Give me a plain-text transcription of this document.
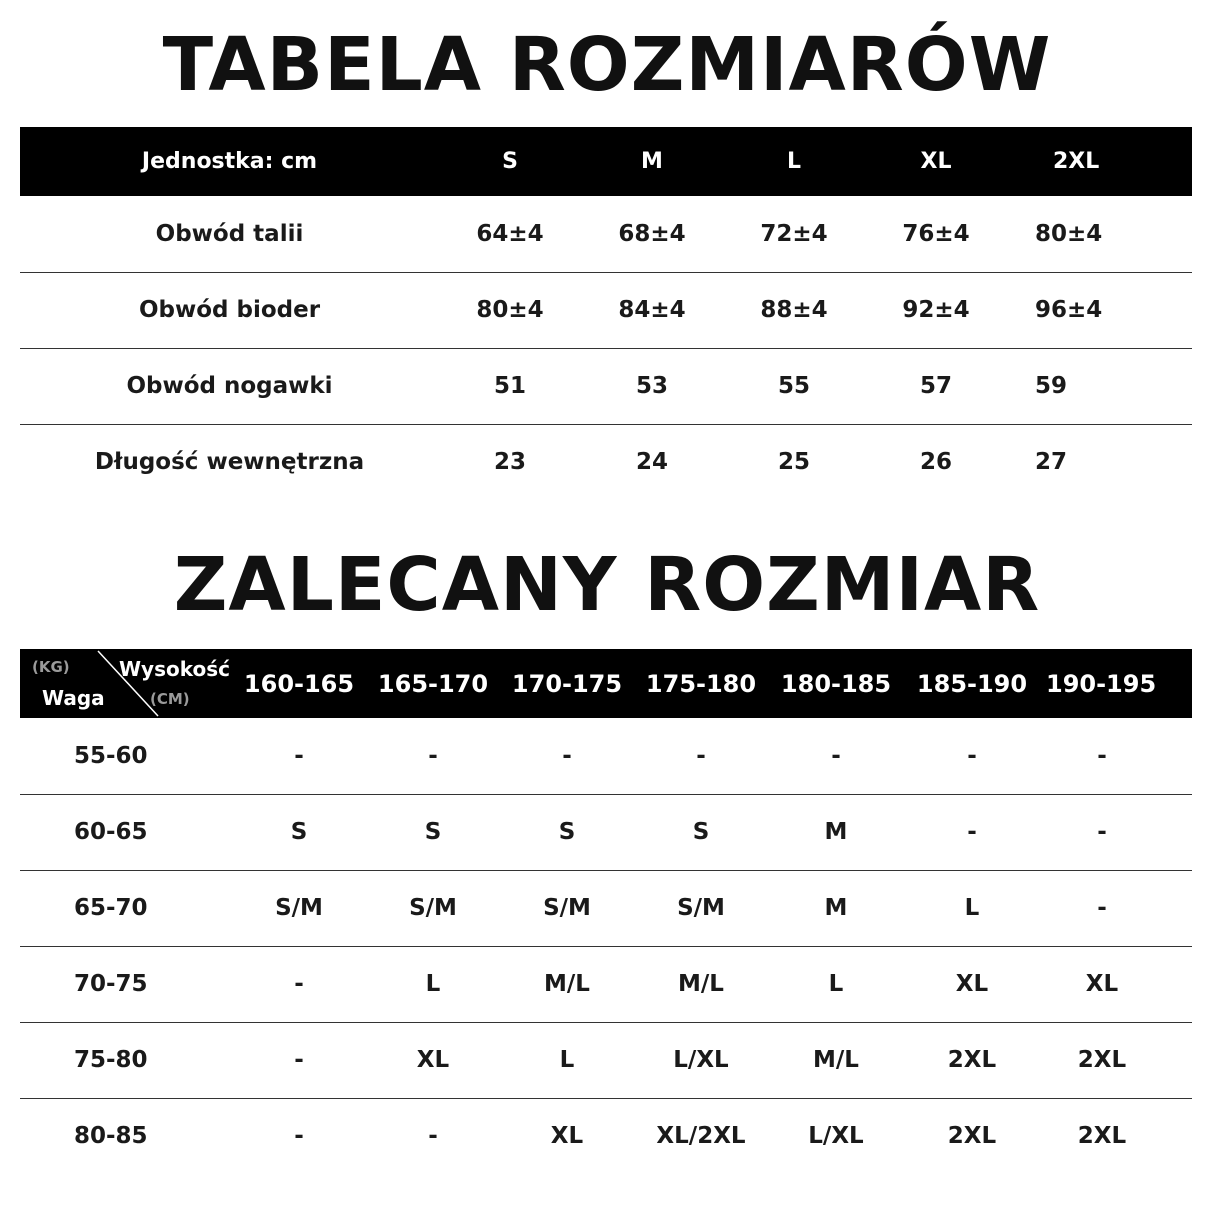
TABELA ROZMIARÓW
Jednostka: cm	S	M	L	XL	2XL
Obwód talii	64±4	68±4	72±4	76±4	80±4
Obwód bioder	80±4	84±4	88±4	92±4	96±4
Obwód nogawki	51	53	55	57	59
Długość wewnętrzna	23	24	25	26	27
ZALECANY ROZMIAR
(KG) Wysokość
Waga (CM)	160-165	165-170	170-175	175-180	180-185	185-190	190-195
55-60	-	-	-	-	-	-	-
60-65	S	S	S	S	M	-	-
65-70	S/M	S/M	S/M	S/M	M	L	-
70-75	-	L	M/L	M/L	L	XL	XL
75-80	-	XL	L	L/XL	M/L	2XL	2XL
80-85	-	-	XL	XL/2XL	L/XL	2XL	2XL
